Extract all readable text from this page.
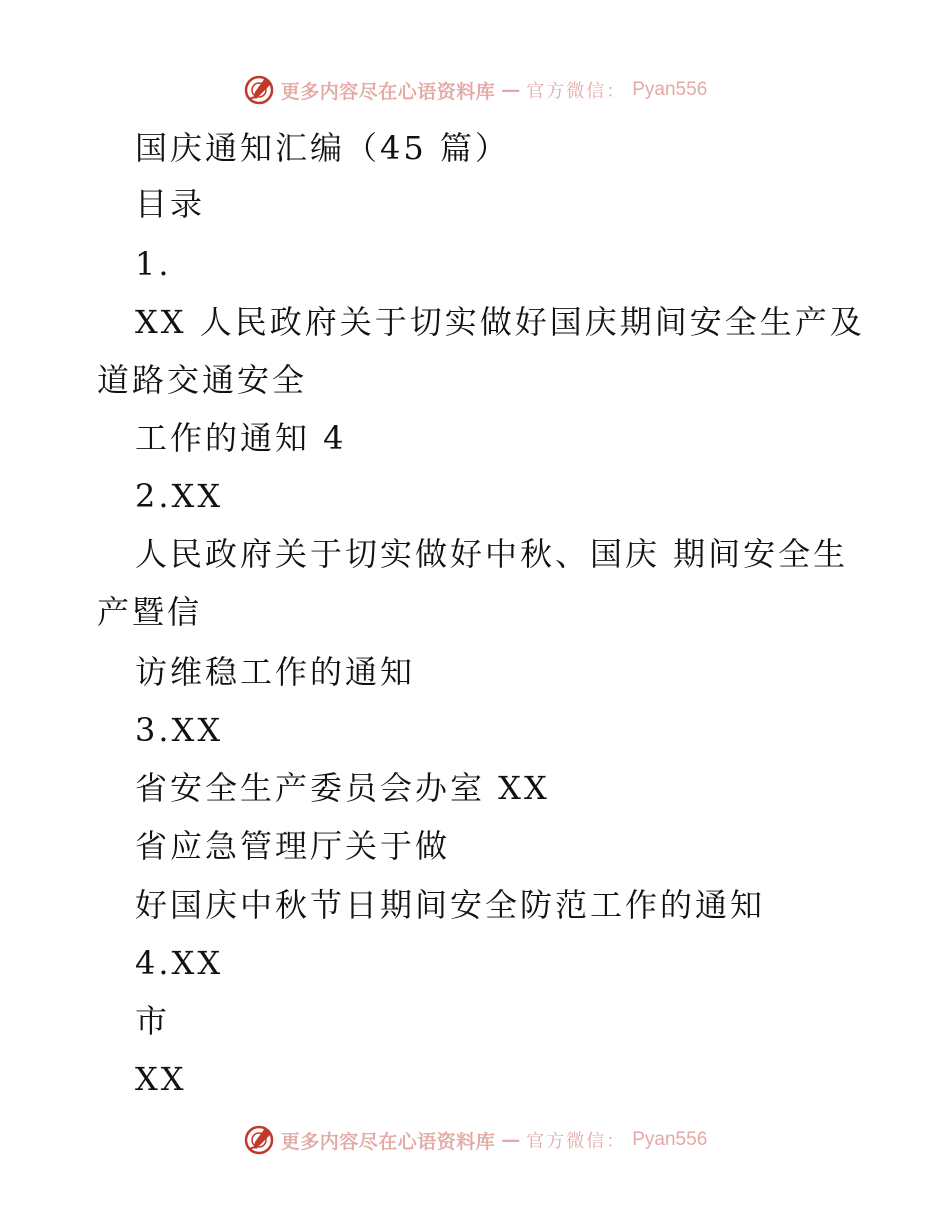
更多内容尽在心语资料库 — 官方微信： Pyan556
国庆通知汇编（45 篇）
目录
1.
XX 人民政府关于切实做好国庆期间安全生产及
道路交通安全
工作的通知 4
2.XX
人民政府关于切实做好中秋、国庆 期间安全生
产暨信
访维稳工作的通知
3.XX
省安全生产委员会办室 XX
省应急管理厅关于做
好国庆中秋节日期间安全防范工作的通知
4.XX
市
XX
更多内容尽在心语资料库 — 官方微信： Pyan556
